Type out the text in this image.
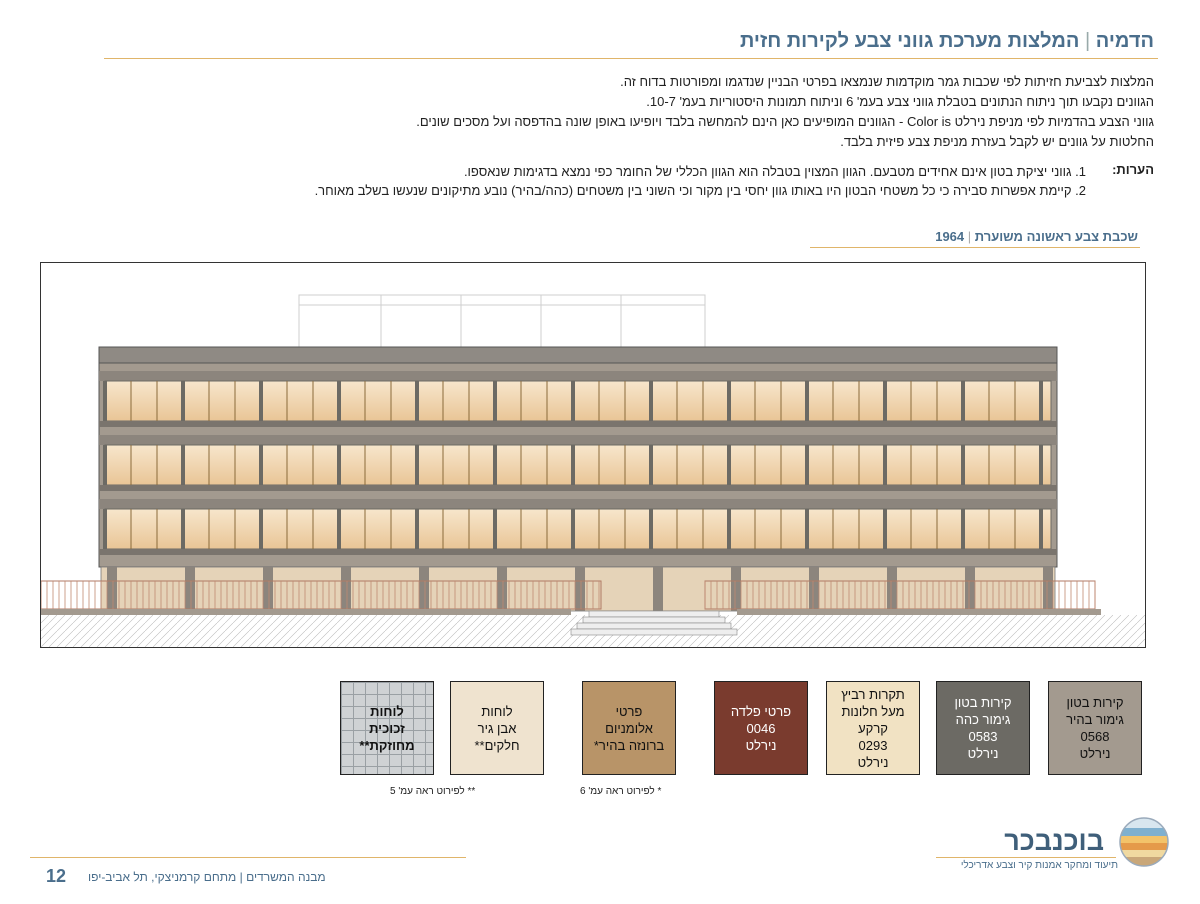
הדמיה | המלצות מערכת גווני צבע לקירות חזית
המלצות לצביעת חזיתות לפי שכבות גמר מוקדמות שנמצאו בפרטי הבניין שנדגמו ומפורטות בדוח זה.
הגוונים נקבעו תוך ניתוח הנתונים בטבלת גווני צבע בעמ' 6 וניתוח תמונות היסטוריות בעמ' 10-7.
גווני הצבע בהדמיות לפי מניפת נירלט Color is - הגוונים המופיעים כאן הינם להמחשה בלבד ויופיעו באופן שונה בהדפסה ועל מסכים שונים.
החלטות על גוונים יש לקבל בעזרת מניפת צבע פיזית בלבד.
הערות:
1. גווני יציקת בטון אינם אחידים מטבעם. הגוון המצוין בטבלה הוא הגוון הכללי של החומר כפי נמצא בדגימות שנאספו.
2. קיימת אפשרות סבירה כי כל משטחי הבטון היו באותו גוון יחסי בין מקור וכי השוני בין משטחים (כהה/בהיר) נובע מתיקונים שנעשו בשלב מאוחר.
שכבת צבע ראשונה משוערת | 1964
קירות בטון
גימור בהיר
0568
נירלט
קירות בטון
גימור כהה
0583
נירלט
תקרות רביץ
מעל חלונות
קרקע
0293
נירלט
פרטי פלדה
0046
נירלט
פרטי
אלומניום
ברונזה בהיר*
לוחות
אבן גיר
חלקים**
לוחות
זכוכית
מחוזקת**
* לפירוט ראה עמ' 6
** לפירוט ראה עמ' 5
12 מבנה המשרדים | מתחם קרמניצקי, תל אביב-יפו
בוכנבכר
תיעוד ומחקר אמנות קיר וצבע אדריכלי
